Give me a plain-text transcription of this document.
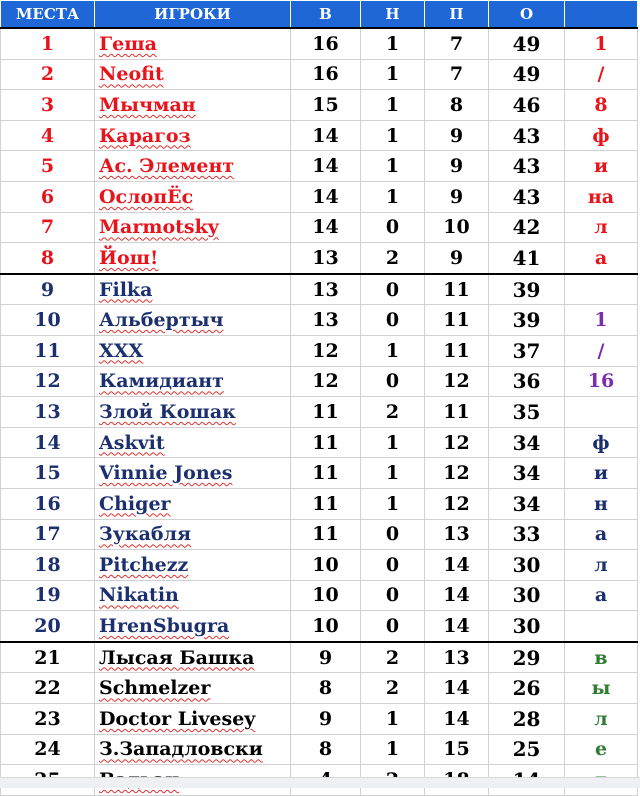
МЕСТА	ИГРОКИ	В	Н	П	О	
1	Геша	16	1	7	49	1
2	Neofit	16	1	7	49	/
3	Мычман	15	1	8	46	8
4	Карагоз	14	1	9	43	ф
5	Ас. Элемент	14	1	9	43	и
6	ОслопЁс	14	1	9	43	на
7	Marmotsky	14	0	10	42	л
8	Йош!	13	2	9	41	а
9	Filka	13	0	11	39	
10	Альбертыч	13	0	11	39	1
11	XXX	12	1	11	37	/
12	Камидиант	12	0	12	36	16
13	Злой Кошак	11	2	11	35	
14	Askvit	11	1	12	34	ф
15	Vinnie Jones	11	1	12	34	и
16	Chiger	11	1	12	34	н
17	Зукабля	11	0	13	33	а
18	Pitchezz	10	0	14	30	л
19	Nikatin	10	0	14	30	а
20	HrenSbugra	10	0	14	30	
21	Лысая Башка	9	2	13	29	в
22	Schmelzer	8	2	14	26	ы
23	Doctor Livesey	9	1	14	28	л
24	З.Западловски	8	1	15	25	е
